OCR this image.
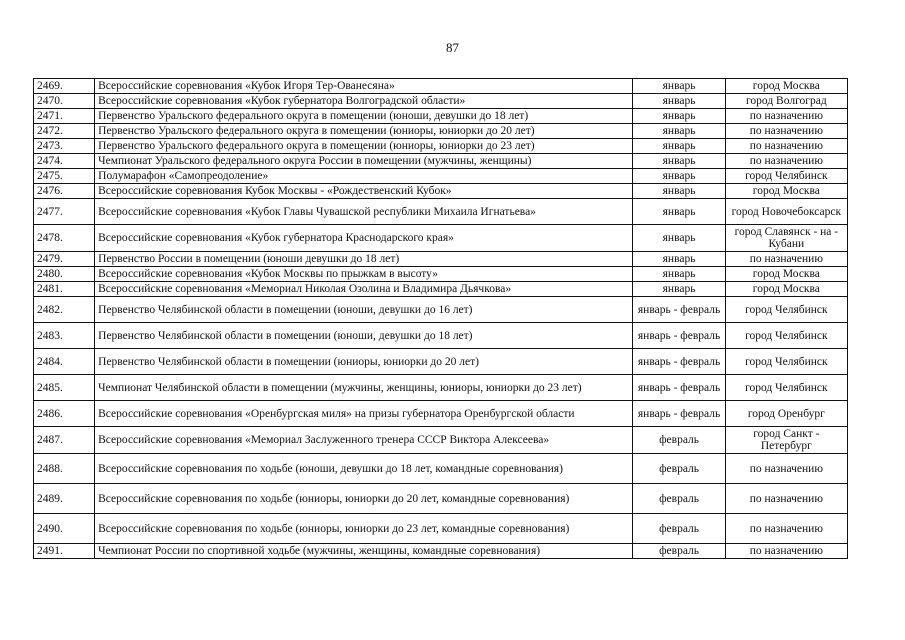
87
2469.	Всероссийские соревнования «Кубок Игоря Тер-Ованесяна»	январь	город Москва
2470.	Всероссийские соревнования «Кубок губернатора Волгоградской области»	январь	город Волгоград
2471.	Первенство Уральского федерального округа в помещении (юноши, девушки до 18 лет)	январь	по назначению
2472.	Первенство Уральского федерального округа в помещении (юниоры, юниорки до 20 лет)	январь	по назначению
2473.	Первенство Уральского федерального округа в помещении (юниоры, юниорки до 23 лет)	январь	по назначению
2474.	Чемпионат Уральского федерального округа России в помещении (мужчины, женщины)	январь	по назначению
2475.	Полумарафон «Самопреодоление»	январь	город Челябинск
2476.	Всероссийские соревнования Кубок Москвы - «Рождественский Кубок»	январь	город Москва
2477.	Всероссийские соревнования «Кубок Главы Чувашской республики Михаила Игнатьева»	январь	город Новочебоксарск
2478.	Всероссийские соревнования «Кубок губернатора Краснодарского края»	январь	город Славянск - на - Кубани
2479.	Первенство России в помещении (юноши девушки до 18 лет)	январь	по назначению
2480.	Всероссийские соревнования «Кубок Москвы по прыжкам в высоту»	январь	город Москва
2481.	Всероссийские соревнования «Мемориал Николая Озолина и Владимира Дьячкова»	январь	город Москва
2482.	Первенство Челябинской области в помещении (юноши, девушки до 16 лет)	январь - февраль	город Челябинск
2483.	Первенство Челябинской области в помещении (юноши, девушки до 18 лет)	январь - февраль	город Челябинск
2484.	Первенство Челябинской области в помещении (юниоры, юниорки до 20 лет)	январь - февраль	город Челябинск
2485.	Чемпионат Челябинской области в помещении (мужчины, женщины, юниоры, юниорки до 23 лет)	январь - февраль	город Челябинск
2486.	Всероссийские соревнования «Оренбургская миля» на призы губернатора Оренбургской области	январь - февраль	город Оренбург
2487.	Всероссийские соревнования «Мемориал Заслуженного тренера СССР Виктора Алексеева»	февраль	город Санкт - Петербург
2488.	Всероссийские соревнования по ходьбе (юноши, девушки до 18 лет, командные соревнования)	февраль	по назначению
2489.	Всероссийские соревнования по ходьбе (юниоры, юниорки до 20 лет, командные соревнования)	февраль	по назначению
2490.	Всероссийские соревнования по ходьбе (юниоры, юниорки до 23 лет, командные соревнования)	февраль	по назначению
2491.	Чемпионат России по спортивной ходьбе (мужчины, женщины, командные соревнования)	февраль	по назначению
